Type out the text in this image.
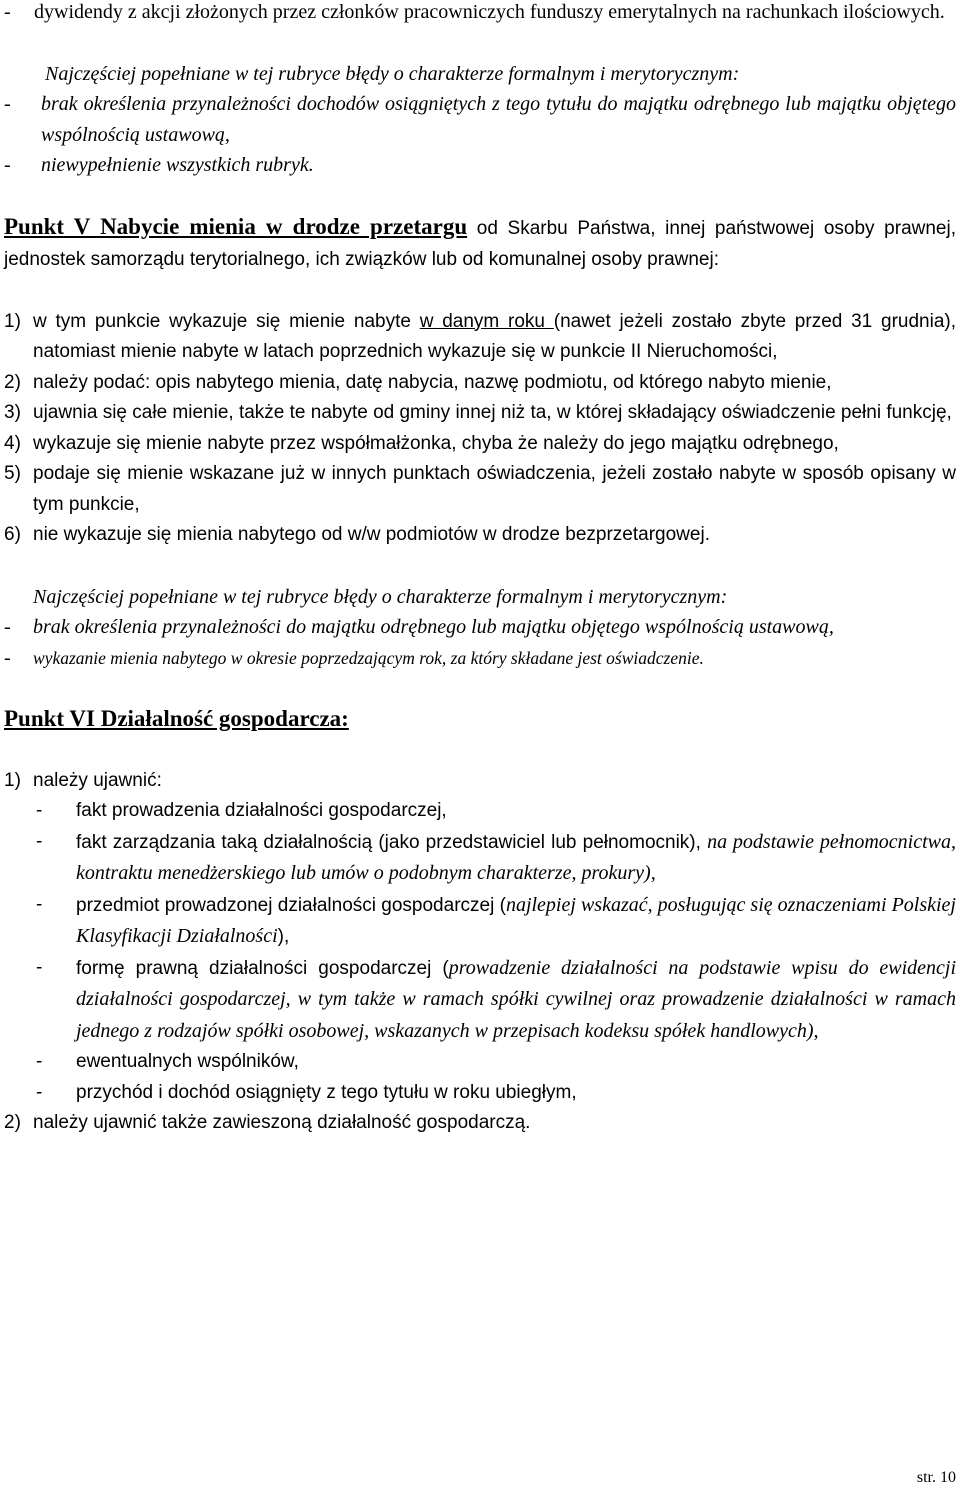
-	dywidendy z akcji złożonych przez członków pracowniczych funduszy emerytalnych na rachunkach ilościowych.

Najczęściej popełniane w tej rubryce błędy o charakterze formalnym i merytorycznym:

-	brak określenia przynależności dochodów osiągniętych z tego tytułu do majątku odrębnego lub majątku objętego wspólnością ustawową,
-	niewypełnienie wszystkich rubryk.

Punkt V Nabycie mienia w drodze przetargu od Skarbu Państwa, innej państwowej osoby prawnej, jednostek samorządu terytorialnego, ich związków lub od komunalnej osoby prawnej:

1) w tym punkcie wykazuje się mienie nabyte w danym roku (nawet jeżeli zostało zbyte przed 31 grudnia), natomiast mienie nabyte w latach poprzednich wykazuje się w punkcie II Nieruchomości,
2) należy podać: opis nabytego mienia, datę nabycia, nazwę podmiotu, od którego nabyto mienie,
3) ujawnia się całe mienie, także te nabyte od gminy innej niż ta, w której składający oświadczenie pełni funkcję,
4) wykazuje się mienie nabyte przez współmałżonka, chyba że należy do jego majątku odrębnego,
5) podaje się mienie wskazane już w innych punktach oświadczenia, jeżeli zostało nabyte w sposób opisany w tym punkcie,
6) nie wykazuje się mienia nabytego od w/w podmiotów w drodze bezprzetargowej.

Najczęściej popełniane w tej rubryce błędy o charakterze formalnym i merytorycznym:

-	brak określenia przynależności do majątku odrębnego lub majątku objętego wspólnością ustawową,
-	wykazanie mienia nabytego w okresie poprzedzającym rok, za który składane jest oświadczenie.

Punkt VI Działalność gospodarcza:

1) należy ujawnić:
-	fakt prowadzenia działalności gospodarczej,
-	fakt zarządzania taką działalnością (jako przedstawiciel lub pełnomocnik), na podstawie pełnomocnictwa, kontraktu menedżerskiego lub umów o podobnym charakterze, prokury),
-	przedmiot prowadzonej działalności gospodarczej (najlepiej wskazać, posługując się oznaczeniami Polskiej Klasyfikacji Działalności),
-	formę prawną działalności gospodarczej (prowadzenie działalności na podstawie wpisu do ewidencji działalności gospodarczej, w tym także w ramach spółki cywilnej oraz prowadzenie działalności w ramach jednego z rodzajów spółki osobowej, wskazanych w przepisach kodeksu spółek handlowych),
-	ewentualnych wspólników,
-	przychód i dochód osiągnięty z tego tytułu w roku ubiegłym,
2) należy ujawnić także zawieszoną działalność gospodarczą.
str. 10
